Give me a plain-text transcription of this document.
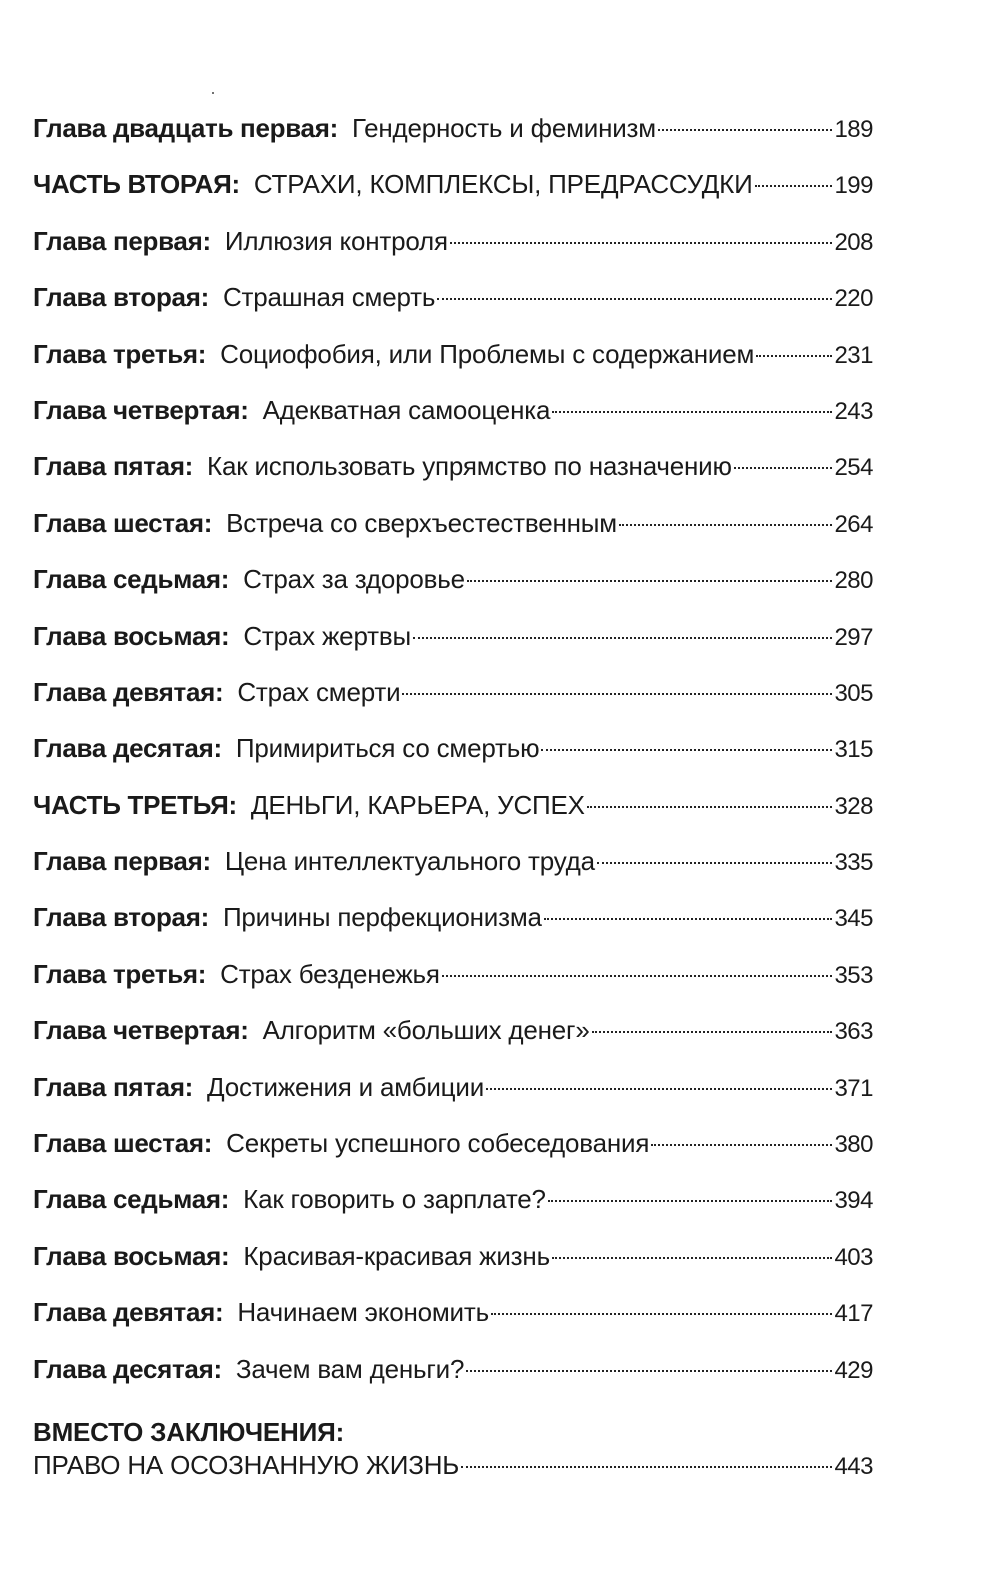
Глава двадцать первая: Гендерность и феминизм	189
ЧАСТЬ ВТОРАЯ: СТРАХИ, КОМПЛЕКСЫ, ПРЕДРАССУДКИ	199
Глава первая: Иллюзия контроля	208
Глава вторая: Страшная смерть	220
Глава третья: Социофобия, или Проблемы с содержанием	231
Глава четвертая: Адекватная самооценка	243
Глава пятая: Как использовать упрямство по назначению	254
Глава шестая: Встреча со сверхъестественным	264
Глава седьмая: Страх за здоровье	280
Глава восьмая: Страх жертвы	297
Глава девятая: Страх смерти	305
Глава десятая: Примириться со смертью	315
ЧАСТЬ ТРЕТЬЯ: ДЕНЬГИ, КАРЬЕРА, УСПЕХ	328
Глава первая: Цена интеллектуального труда	335
Глава вторая: Причины перфекционизма	345
Глава третья: Страх безденежья	353
Глава четвертая: Алгоритм «больших денег»	363
Глава пятая: Достижения и амбиции	371
Глава шестая: Секреты успешного собеседования	380
Глава седьмая: Как говорить о зарплате?	394
Глава восьмая: Красивая-красивая жизнь	403
Глава девятая: Начинаем экономить	417
Глава десятая: Зачем вам деньги?	429
ВМЕСТО ЗАКЛЮЧЕНИЯ:
ПРАВО НА ОСОЗНАННУЮ ЖИЗНЬ	443
